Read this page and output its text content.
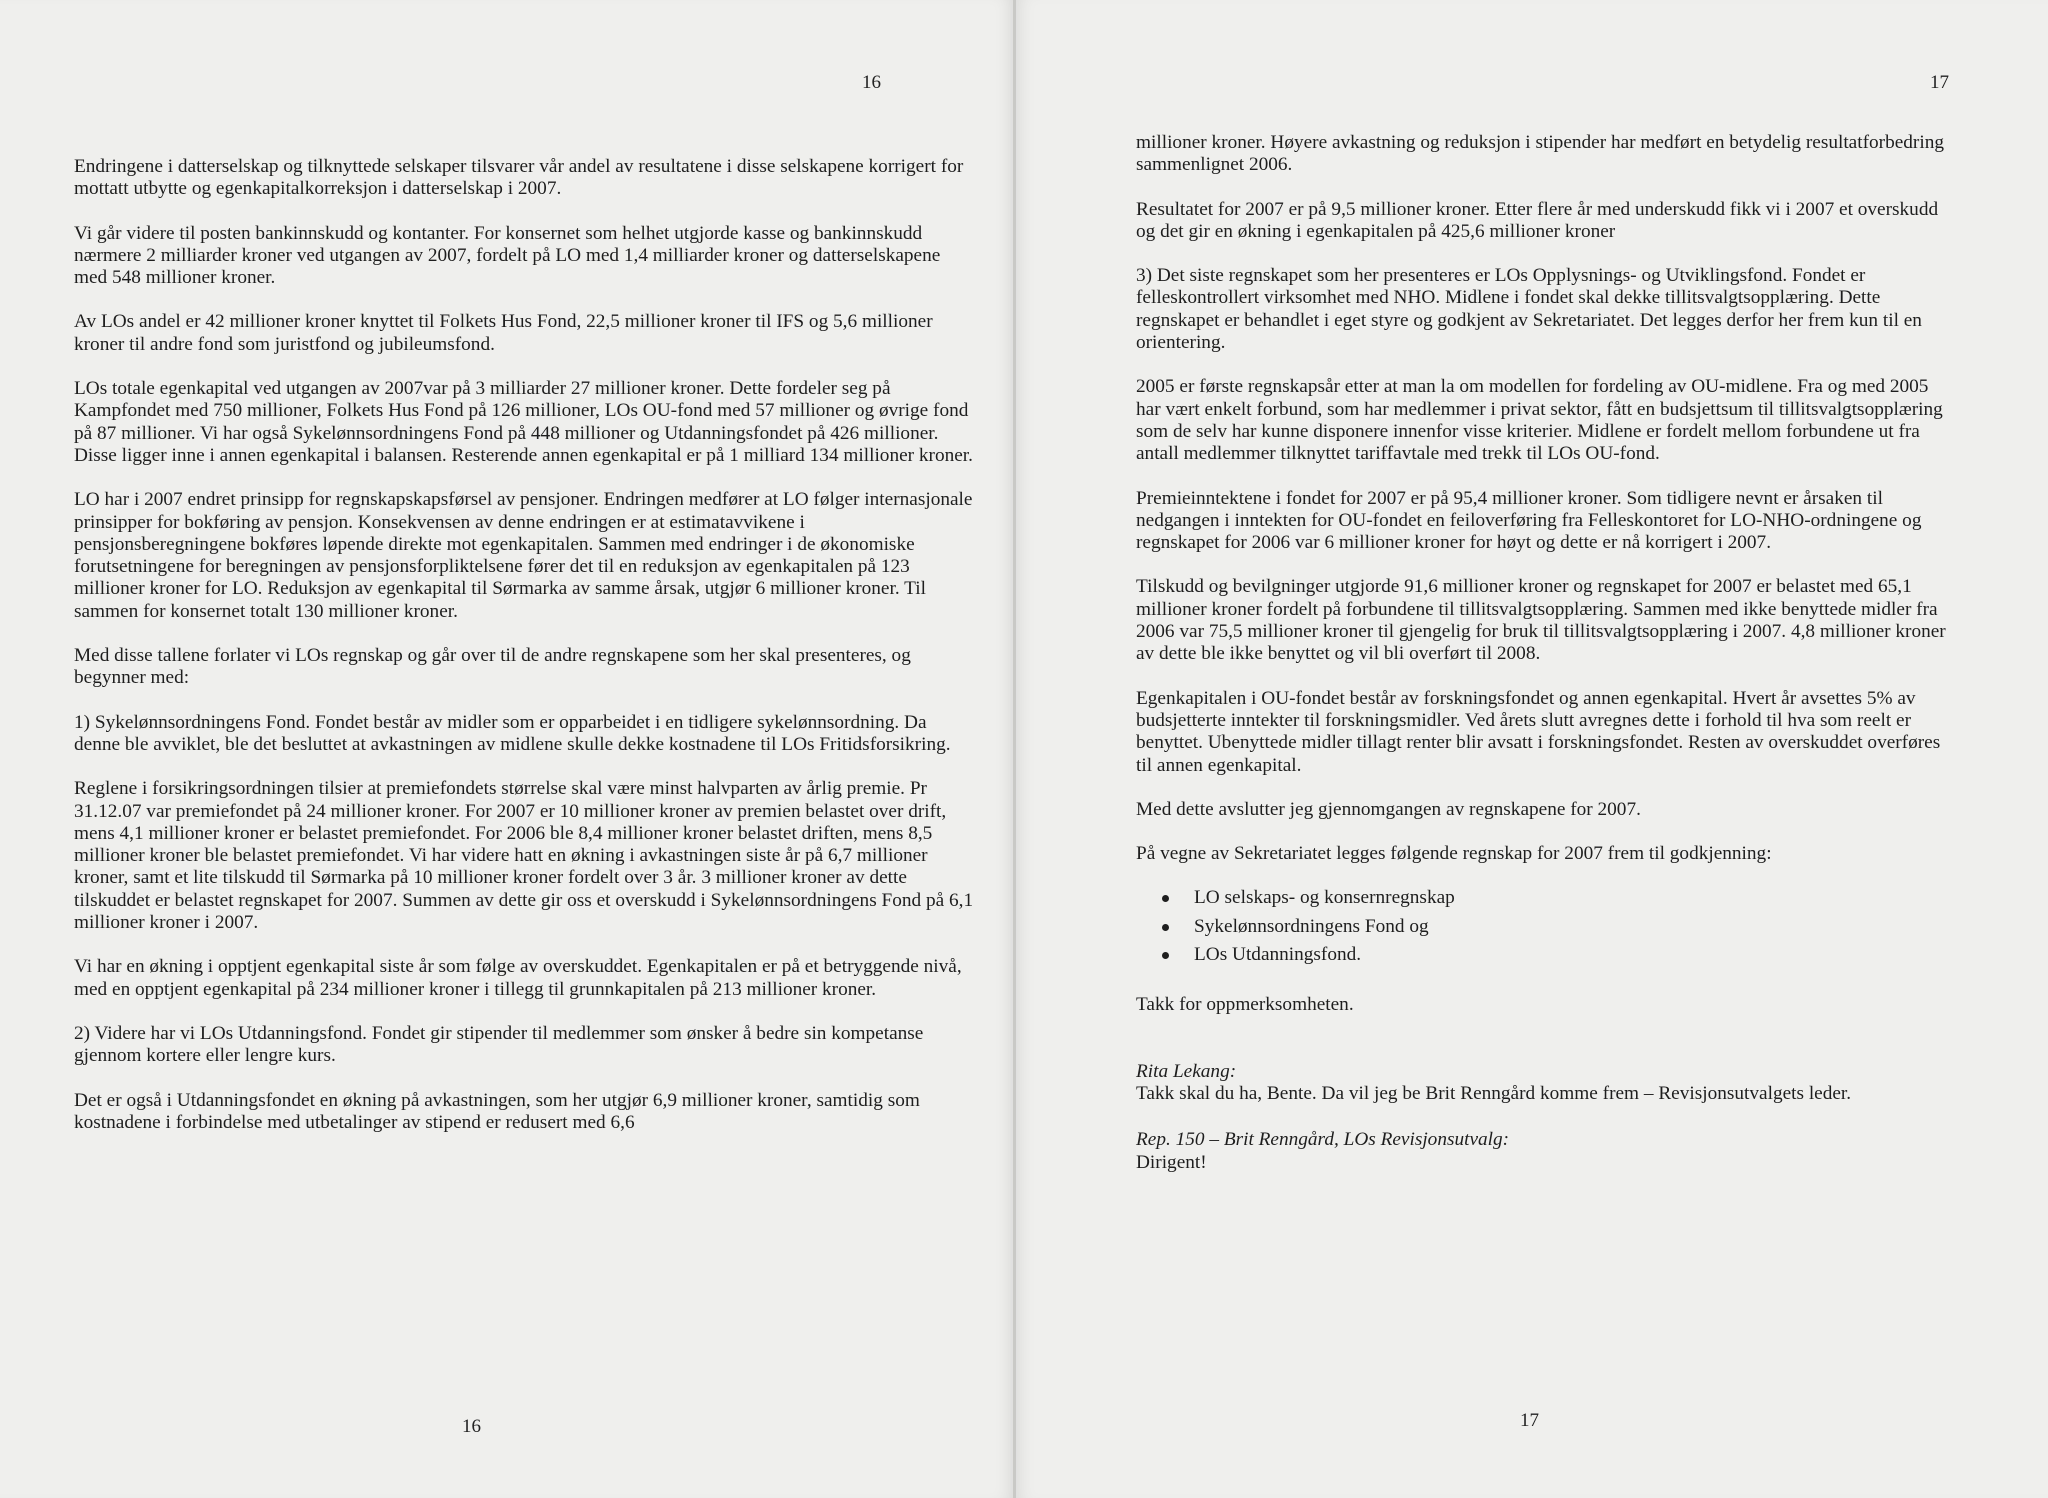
16

Endringene i datterselskap og tilknyttede selskaper tilsvarer vår andel av resultatene i disse selskapene korrigert for mottatt utbytte og egenkapitalkorreksjon i datterselskap i 2007.

Vi går videre til posten bankinnskudd og kontanter. For konsernet som helhet utgjorde kasse og bankinnskudd nærmere 2 milliarder kroner ved utgangen av 2007, fordelt på LO med 1,4 milliarder kroner og datterselskapene med 548 millioner kroner.

Av LOs andel er 42 millioner kroner knyttet til Folkets Hus Fond, 22,5 millioner kroner til IFS og 5,6 millioner kroner til andre fond som juristfond og jubileumsfond.

LOs totale egenkapital ved utgangen av 2007var på 3 milliarder 27 millioner kroner. Dette fordeler seg på Kampfondet med 750 millioner, Folkets Hus Fond på 126 millioner, LOs OU-fond med 57 millioner og øvrige fond på 87 millioner. Vi har også Sykelønnsordningens Fond på 448 millioner og Utdanningsfondet på 426 millioner. Disse ligger inne i annen egenkapital i balansen. Resterende annen egenkapital er på 1 milliard 134 millioner kroner.

LO har i 2007 endret prinsipp for regnskapskapsførsel av pensjoner. Endringen medfører at LO følger internasjonale prinsipper for bokføring av pensjon. Konsekvensen av denne endringen er at estimatavvikene i pensjonsberegningene bokføres løpende direkte mot egenkapitalen. Sammen med endringer i de økonomiske forutsetningene for beregningen av pensjonsforpliktelsene fører det til en reduksjon av egenkapitalen på 123 millioner kroner for LO. Reduksjon av egenkapital til Sørmarka av samme årsak, utgjør 6 millioner kroner. Til sammen for konsernet totalt 130 millioner kroner.

Med disse tallene forlater vi LOs regnskap og går over til de andre regnskapene som her skal presenteres, og begynner med:

1) Sykelønnsordningens Fond. Fondet består av midler som er opparbeidet i en tidligere sykelønnsordning. Da denne ble avviklet, ble det besluttet at avkastningen av midlene skulle dekke kostnadene til LOs Fritidsforsikring.

Reglene i forsikringsordningen tilsier at premiefondets størrelse skal være minst halvparten av årlig premie. Pr 31.12.07 var premiefondet på 24 millioner kroner. For 2007 er 10 millioner kroner av premien belastet over drift, mens 4,1 millioner kroner er belastet premiefondet. For 2006 ble 8,4 millioner kroner belastet driften, mens 8,5 millioner kroner ble belastet premiefondet. Vi har videre hatt en økning i avkastningen siste år på 6,7 millioner kroner, samt et lite tilskudd til Sørmarka på 10 millioner kroner fordelt over 3 år. 3 millioner kroner av dette tilskuddet er belastet regnskapet for 2007. Summen av dette gir oss et overskudd i Sykelønnsordningens Fond på 6,1 millioner kroner i 2007.

Vi har en økning i opptjent egenkapital siste år som følge av overskuddet. Egenkapitalen er på et betryggende nivå, med en opptjent egenkapital på 234 millioner kroner i tillegg til grunnkapitalen på 213 millioner kroner.

2) Videre har vi LOs Utdanningsfond. Fondet gir stipender til medlemmer som ønsker å bedre sin kompetanse gjennom kortere eller lengre kurs.

Det er også i Utdanningsfondet en økning på avkastningen, som her utgjør 6,9 millioner kroner, samtidig som kostnadene i forbindelse med utbetalinger av stipend er redusert med 6,6

16
17

millioner kroner. Høyere avkastning og reduksjon i stipender har medført en betydelig resultatforbedring sammenlignet 2006.

Resultatet for 2007 er på 9,5 millioner kroner. Etter flere år med underskudd fikk vi i 2007 et overskudd og det gir en økning i egenkapitalen på 425,6 millioner kroner

3) Det siste regnskapet som her presenteres er LOs Opplysnings- og Utviklingsfond. Fondet er felleskontrollert virksomhet med NHO. Midlene i fondet skal dekke tillitsvalgtsopplæring. Dette regnskapet er behandlet i eget styre og godkjent av Sekretariatet. Det legges derfor her frem kun til en orientering.

2005 er første regnskapsår etter at man la om modellen for fordeling av OU-midlene. Fra og med 2005 har vært enkelt forbund, som har medlemmer i privat sektor, fått en budsjettsum til tillitsvalgtsopplæring som de selv har kunne disponere innenfor visse kriterier. Midlene er fordelt mellom forbundene ut fra antall medlemmer tilknyttet tariffavtale med trekk til LOs OU-fond.

Premieinntektene i fondet for 2007 er på 95,4 millioner kroner. Som tidligere nevnt er årsaken til nedgangen i inntekten for OU-fondet en feiloverføring fra Felleskontoret for LO-NHO-ordningene og regnskapet for 2006 var 6 millioner kroner for høyt og dette er nå korrigert i 2007.

Tilskudd og bevilgninger utgjorde 91,6 millioner kroner og regnskapet for 2007 er belastet med 65,1 millioner kroner fordelt på forbundene til tillitsvalgtsopplæring. Sammen med ikke benyttede midler fra 2006 var 75,5 millioner kroner til gjengelig for bruk til tillitsvalgtsopplæring i 2007. 4,8 millioner kroner av dette ble ikke benyttet og vil bli overført til 2008.

Egenkapitalen i OU-fondet består av forskningsfondet og annen egenkapital. Hvert år avsettes 5% av budsjetterte inntekter til forskningsmidler. Ved årets slutt avregnes dette i forhold til hva som reelt er benyttet. Ubenyttede midler tillagt renter blir avsatt i forskningsfondet. Resten av overskuddet overføres til annen egenkapital.

Med dette avslutter jeg gjennomgangen av regnskapene for 2007.

På vegne av Sekretariatet legges følgende regnskap for 2007 frem til godkjenning:

LO selskaps- og konsernregnskap
Sykelønnsordningens Fond og
LOs Utdanningsfond.

Takk for oppmerksomheten.

Rita Lekang:
Takk skal du ha, Bente. Da vil jeg be Brit Renngård komme frem – Revisjonsutvalgets leder.

Rep. 150 – Brit Renngård, LOs Revisjonsutvalg:
Dirigent!

17
